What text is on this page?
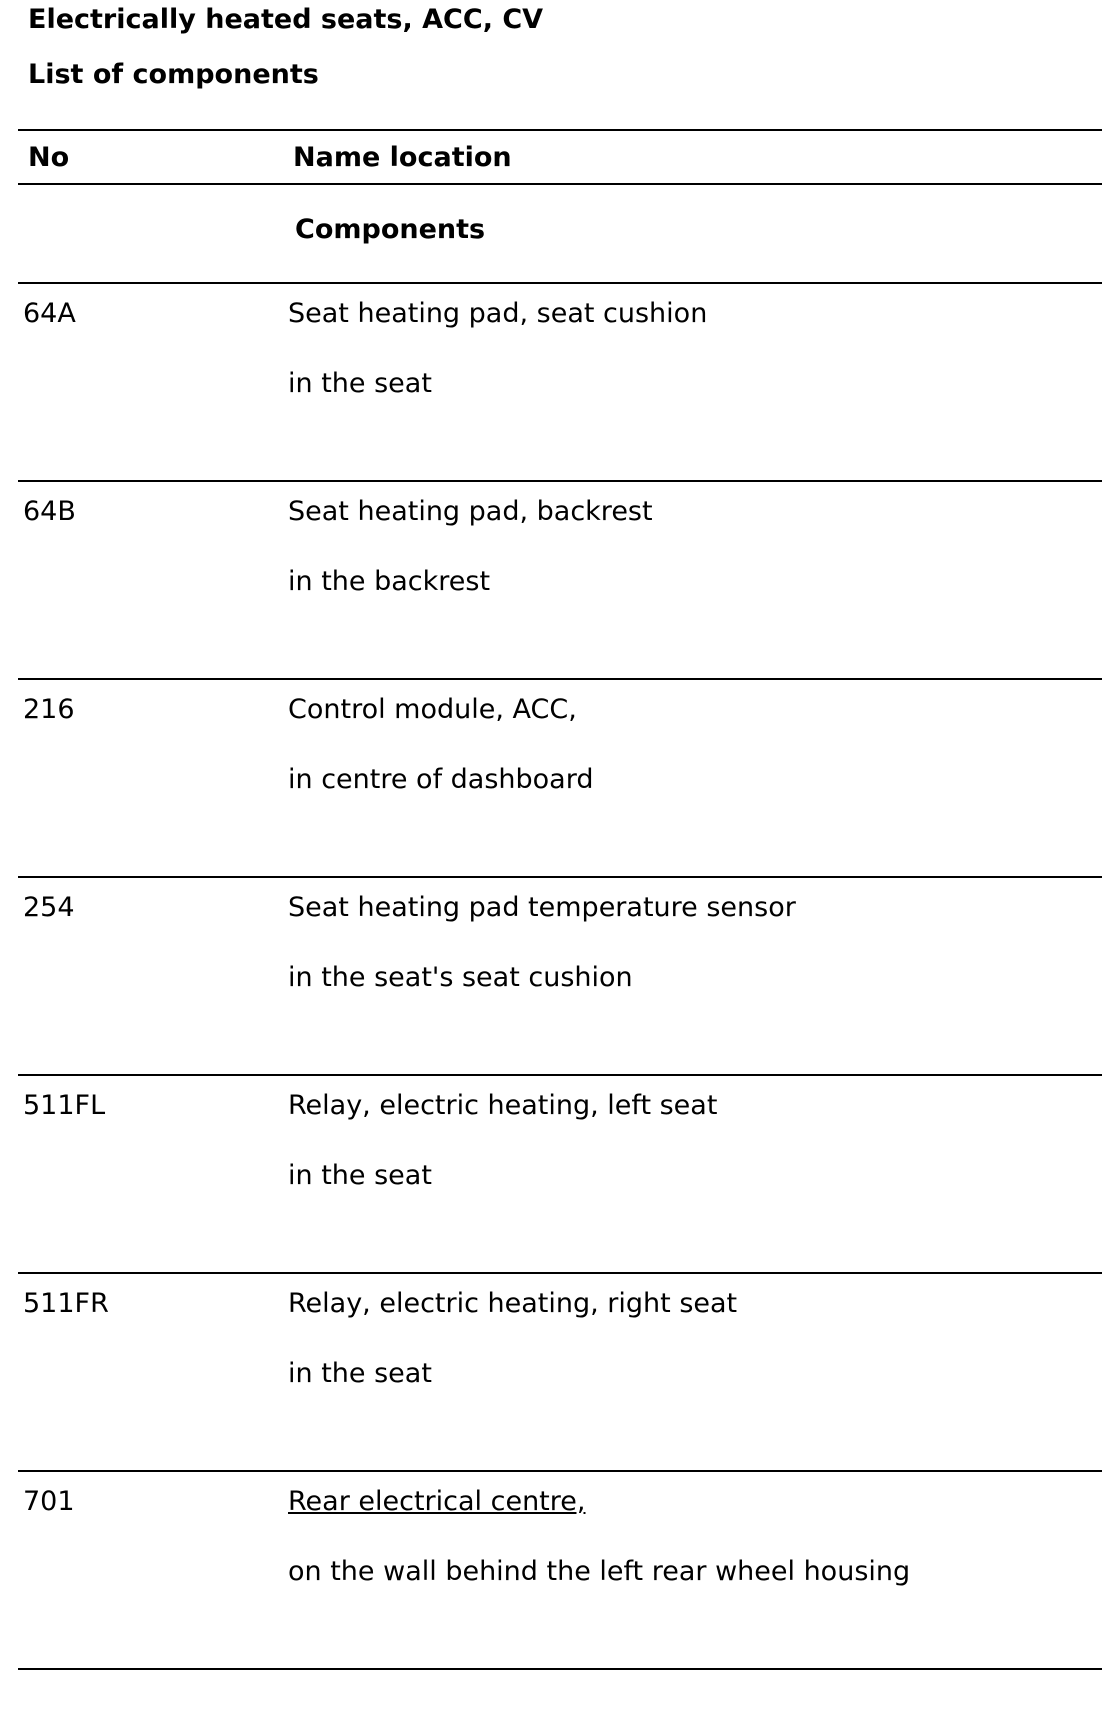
Electrically heated seats, ACC, CV
List of components
No	Name location
Components
64A	Seat heating pad, seat cushion
in the seat
64B	Seat heating pad, backrest
in the backrest
216	Control module, ACC,
in centre of dashboard
254	Seat heating pad temperature sensor
in the seat's seat cushion
511FL	Relay, electric heating, left seat
in the seat
511FR	Relay, electric heating, right seat
in the seat
701	Rear electrical centre,
on the wall behind the left rear wheel housing
